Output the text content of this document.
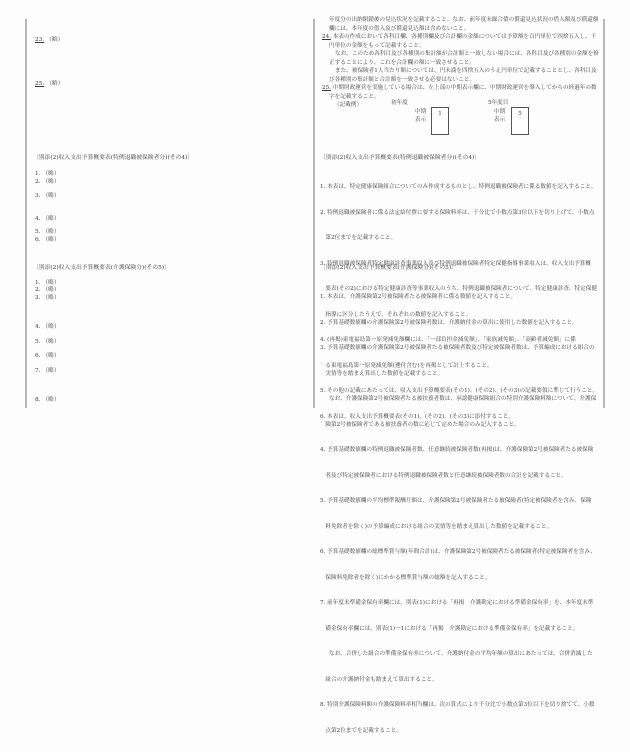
23. （略）
25. （略）
〔別添(2)収入支出予算概要表(特例退職被保険者分)(その4)〕
1. （略）
2. （略）
3. （略）
4. （略）
5. （略）
6. （略）
〔別添(2)収入支出予算概要表(介護保険分)(その5)〕
1. （略）
2. （略）
3. （略）
4. （略）
5. （略）
6. （略）
7. （略）
8. （略）

年度分の出納閉鎖後の見込状況を記載すること。なお、前年度末繰合債の償還見込状況の借入額及び償還額

欄には、本年度の借入及び償還見込額は含めないこと。

24. 本表の作成において各科目欄、各種別欄及び合計欄の金額については予算額を百円単位で四捨五入し、千

円単位の金額をもって記載すること。

なお、このため各科目及び各種別の集計額が合計額と一致しない場合には、各科目及び各種別の金額を修

正することにより、これを合計欄の額に一致させること。

また、被保険者1人当たり額については、円未満を四捨五入のうえ円単位で記載することとし、各科目及

び各種別の集計額と合計額を一致させる必要はないこと。

25. 中期財政運営を実施している場合は、左上部の中期表示欄に、中期財政運営を導入してからの経過年の数

字を記載すること。

（記載例）	初年度
中期
表示
1
5年度目
中期
表示
5
〔別添(2)収入支出予算概要表(特例退職被保険者分)(その4)〕

1. 本表は、特定健康保険組合についてのみ作成するものとし、特例退職被保険者に係る数値を記入すること。

2. 特例退職被保険者に係る法定給付費に要する保険料率は、千分比で小数点第3位以下を切り上げて、小数点

第2位までを記載すること。

3. 特例退職被保険者特定健康診査事業収入及び特例退職被保険者特定保健指導事業収入は、収入支出予算概

要表(その2)における特定健康診査等事業収入のうち、特例退職被保険者について、特定健康診査、特定保健

指導に区分したうえで、それぞれの数値を記入すること。

4. (再掲)東電福島第一原発減免額欄には、「一部負担金減免額」、「家族減免額」、「高齢者減免額」に係

る東電福島第一原発減免額(遡付含む)を再掲として計上すること。

5. その他の記載にあたっては、収入支出予算概要表(その1)、(その2)、(その3)の記載要領に準じて行うこと。

6. 本表は、収入支出予算概要表(その1)、(その2)、(その3)に添付すること。

〔別添(2)収入支出予算概要表(介護保険分)(その5)〕

1. 本表は、介護保険第2号被保険者たる被保険者に係る数値を記入すること。

2. 予算基礎数値欄の介護保険第2号被保険者数は、介護納付金の算出に使用した数値を記入すること。

3. 予算基礎数値欄の介護保険第2号被保険者たる被保険者数及び特定被保険者数は、予算編成における組合の

実情等を踏まえ算出した数値を記載すること。

なお、介護保険第2号被保険者たる被扶養者数は、承認健康保険組合の特別介護保険料額について、介護保

険第2号被保険者である被扶養者の数に応じて定めた場合のみ記入すること。

4. 予算基礎数値欄の特例退職被保険者数、任意継続被保険者数(再掲)は、介護保険第2号被保険者たる被保険

者及び特定被保険者における特例退職被保険者数と任意継続被保険者数の合計を記載すること。

5. 予算基礎数値欄の平均標準報酬月額は、介護保険第2号被保険者たる被保険者(特定被保険者を含み、保険

料免除者を除く)の予算編成における組合の実情等を踏まえ算出した数値を記載すること。

6. 予算基礎数値欄の総標準賞与額(年間合計)は、介護保険第2号被保険者たる被保険者(特定被保険者を含み、

保険料免除者を除く)にかかる標準賞与額の総額を記入すること。

7. 前年度末準備金保有率欄には、別表(1)における「再掲　介護勘定における準備金保有率」を、本年度末準

備金保有率欄には、別表(1)一1における「再掲　介護勘定における準備金保有率」を記載すること。

なお、合併した組合の準備金保有率について、介護納付金の平均年額の算出にあたっては、合併消滅した

組合の介護納付金も踏まえて算出すること。

8. 特別介護保険料額の介護保険料率相当欄は、次の算式により千分比で小数点第3位以下を切り捨てて、小数

点第2位までを記載すること。
